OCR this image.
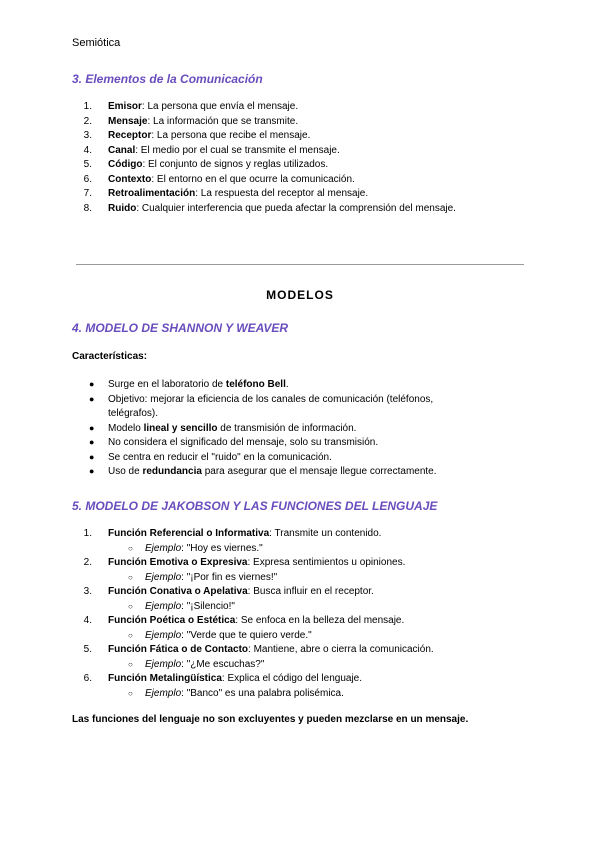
Semiótica
3. Elementos de la Comunicación
1. Emisor: La persona que envía el mensaje.
2. Mensaje: La información que se transmite.
3. Receptor: La persona que recibe el mensaje.
4. Canal: El medio por el cual se transmite el mensaje.
5. Código: El conjunto de signos y reglas utilizados.
6. Contexto: El entorno en el que ocurre la comunicación.
7. Retroalimentación: La respuesta del receptor al mensaje.
8. Ruido: Cualquier interferencia que pueda afectar la comprensión del mensaje.
MODELOS
4. MODELO DE SHANNON Y WEAVER
Características:
● Surge en el laboratorio de teléfono Bell.
● Objetivo: mejorar la eficiencia de los canales de comunicación (teléfonos,
telégrafos).
● Modelo lineal y sencillo de transmisión de información.
● No considera el significado del mensaje, solo su transmisión.
● Se centra en reducir el "ruido" en la comunicación.
● Uso de redundancia para asegurar que el mensaje llegue correctamente.
5. MODELO DE JAKOBSON Y LAS FUNCIONES DEL LENGUAJE
1. Función Referencial o Informativa: Transmite un contenido.
○ Ejemplo: "Hoy es viernes."
2. Función Emotiva o Expresiva: Expresa sentimientos u opiniones.
○ Ejemplo: "¡Por fin es viernes!"
3. Función Conativa o Apelativa: Busca influir en el receptor.
○ Ejemplo: "¡Silencio!"
4. Función Poética o Estética: Se enfoca en la belleza del mensaje.
○ Ejemplo: "Verde que te quiero verde."
5. Función Fática o de Contacto: Mantiene, abre o cierra la comunicación.
○ Ejemplo: "¿Me escuchas?"
6. Función Metalingüística: Explica el código del lenguaje.
○ Ejemplo: "Banco" es una palabra polisémica.
Las funciones del lenguaje no son excluyentes y pueden mezclarse en un mensaje.
